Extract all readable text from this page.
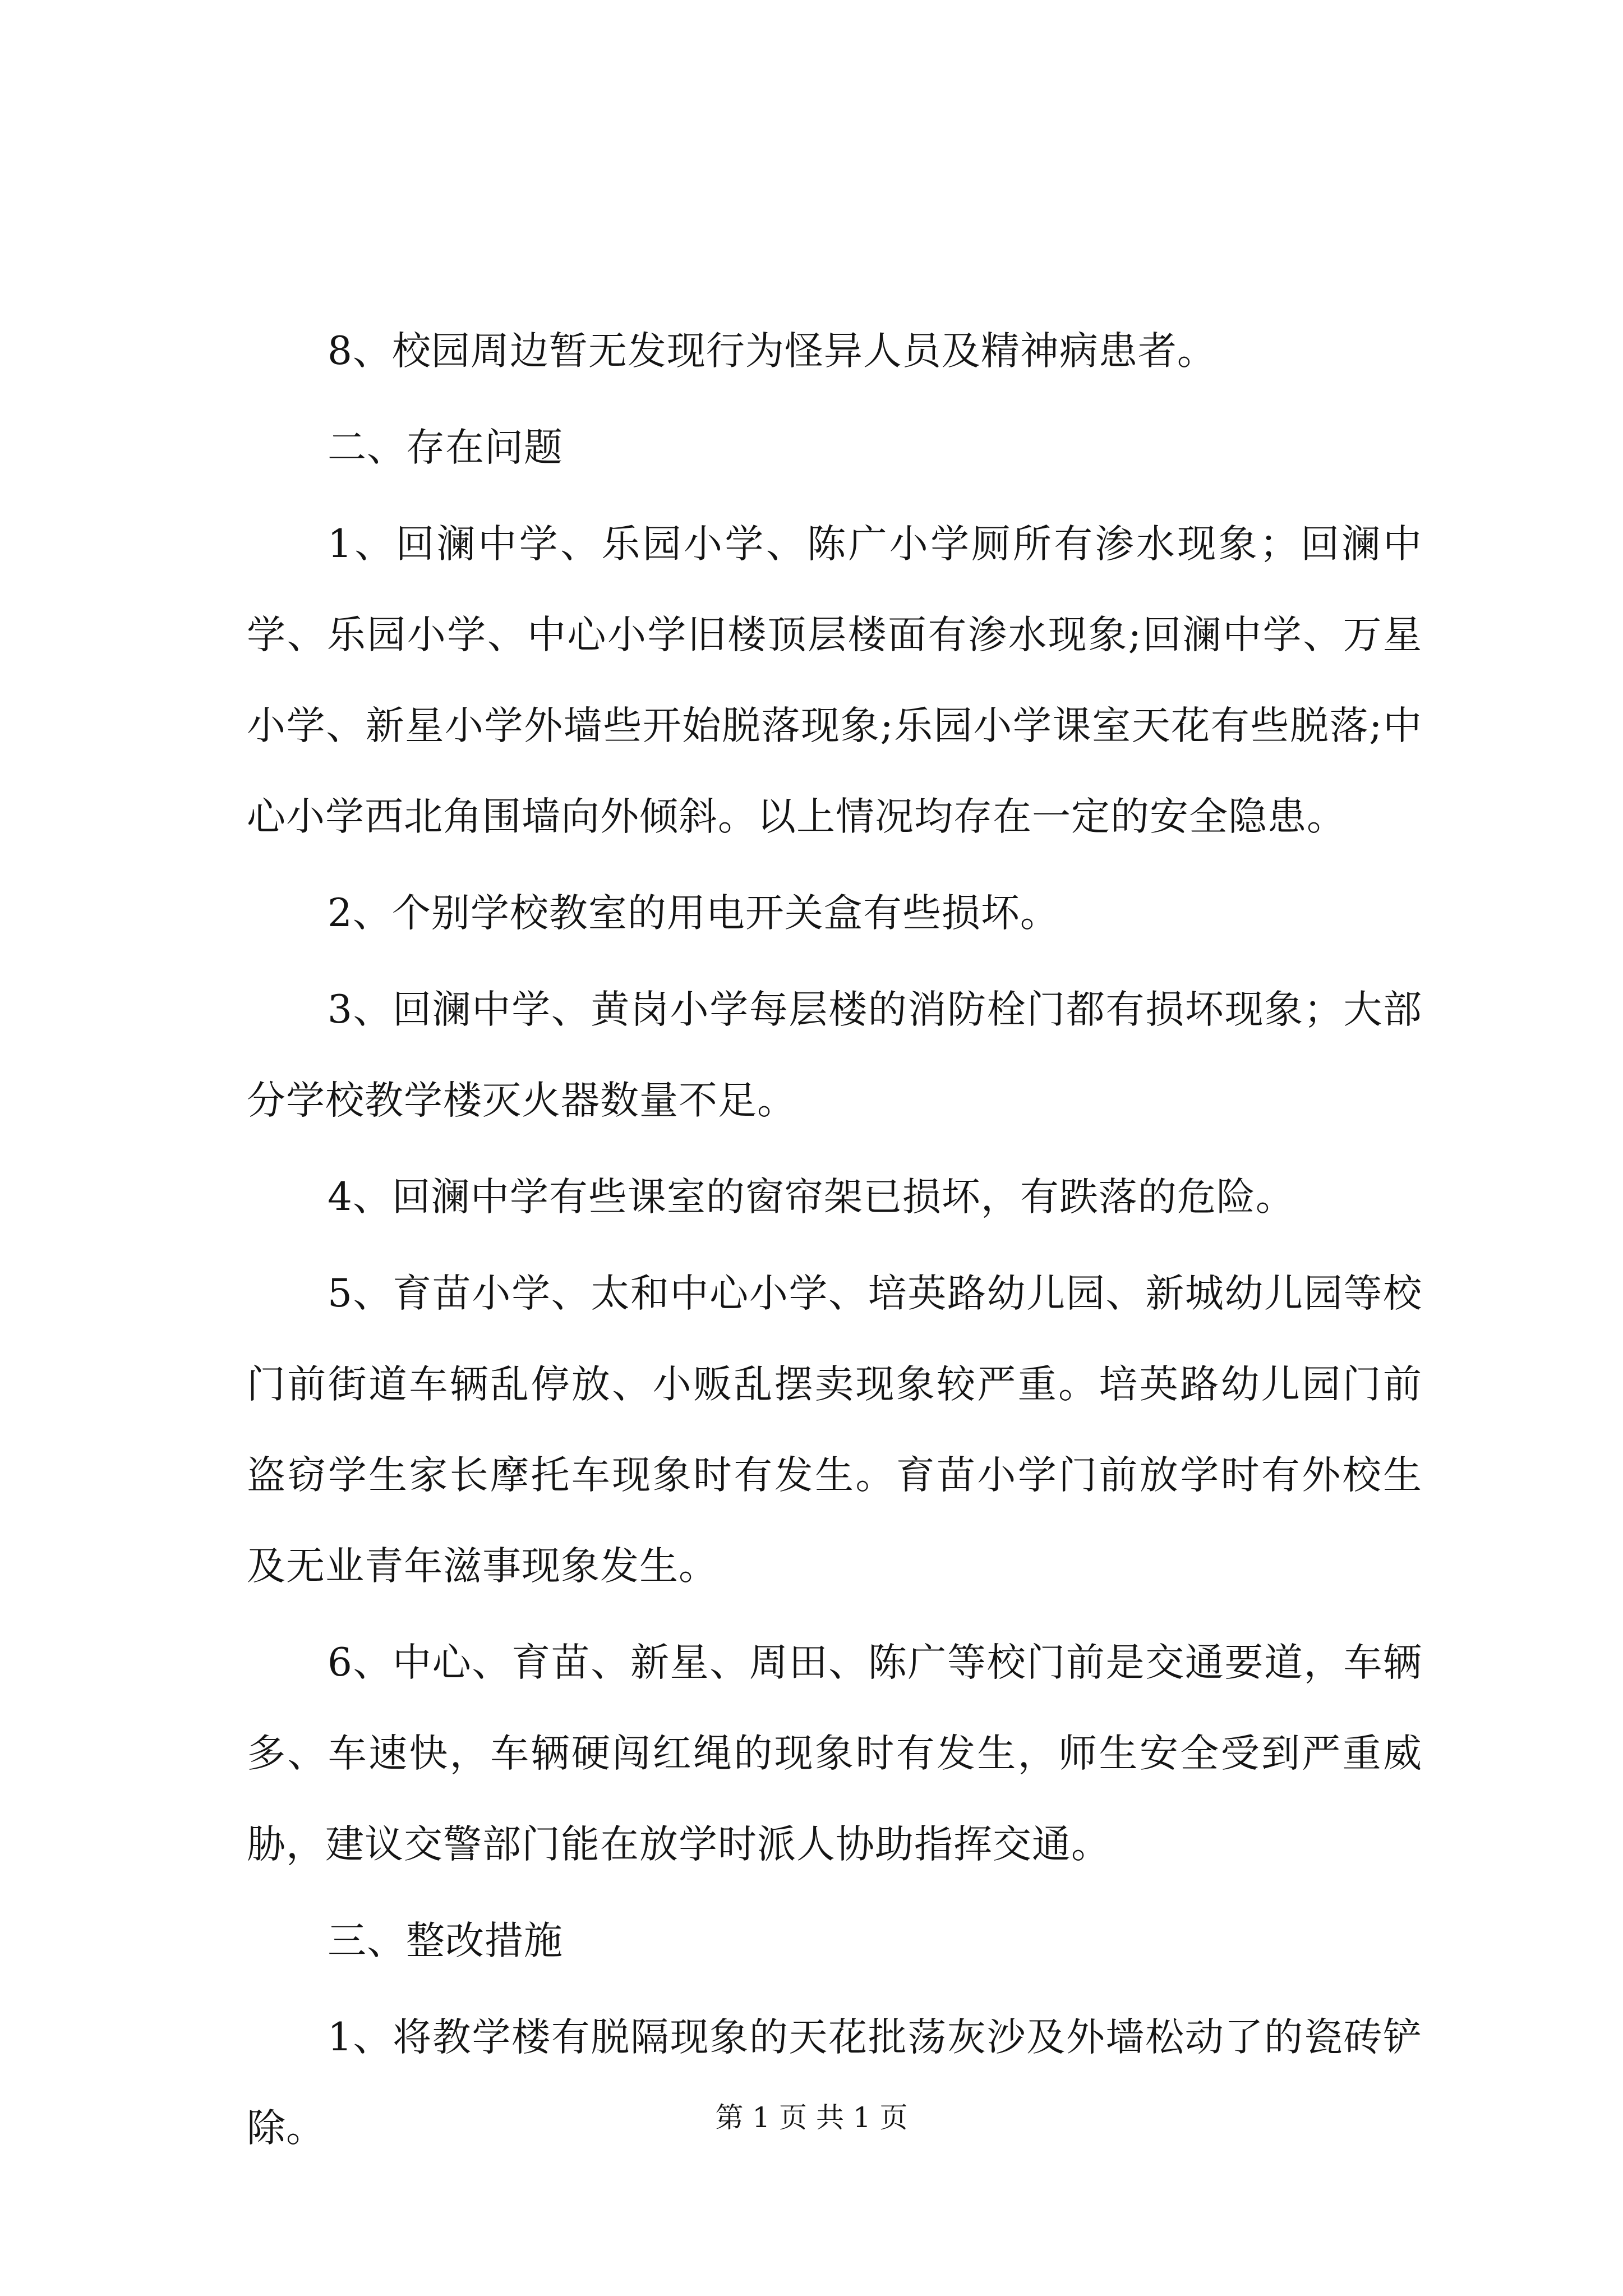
8、校园周边暂无发现行为怪异人员及精神病患者。

二、存在问题

1、回澜中学、乐园小学、陈广小学厕所有渗水现象；回澜中学、乐园小学、中心小学旧楼顶层楼面有渗水现象;回澜中学、万星小学、新星小学外墙些开始脱落现象;乐园小学课室天花有些脱落;中心小学西北角围墙向外倾斜。以上情况均存在一定的安全隐患。

2、个别学校教室的用电开关盒有些损坏。

3、回澜中学、黄岗小学每层楼的消防栓门都有损坏现象；大部分学校教学楼灭火器数量不足。

4、回澜中学有些课室的窗帘架已损坏，有跌落的危险。

5、育苗小学、太和中心小学、培英路幼儿园、新城幼儿园等校门前街道车辆乱停放、小贩乱摆卖现象较严重。培英路幼儿园门前盗窃学生家长摩托车现象时有发生。育苗小学门前放学时有外校生及无业青年滋事现象发生。

6、中心、育苗、新星、周田、陈广等校门前是交通要道，车辆多、车速快，车辆硬闯红绳的现象时有发生，师生安全受到严重威胁，建议交警部门能在放学时派人协助指挥交通。

三、整改措施

1、将教学楼有脱隔现象的天花批荡灰沙及外墙松动了的瓷砖铲除。	第 1 页 共 1 页
